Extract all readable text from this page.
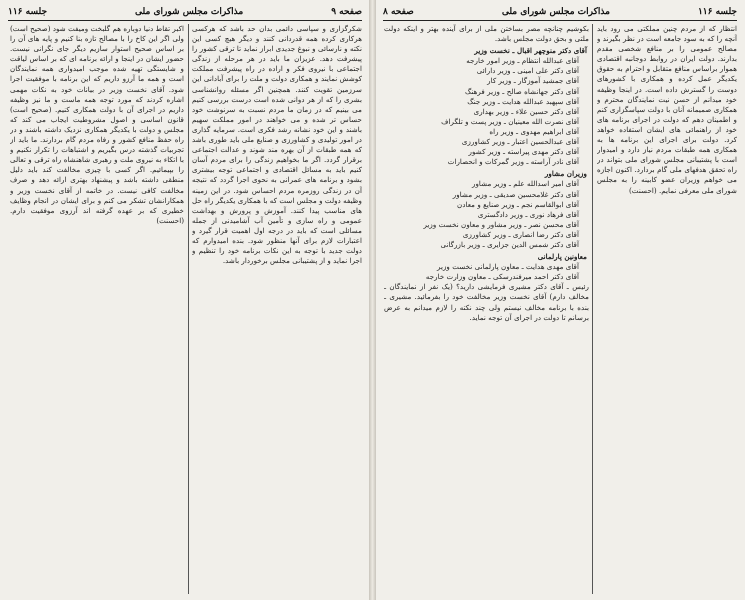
صفحه ۹
مذاکرات مجلس شورای ملی
جلسه ۱۱۶

شکرگزاری و سپاسی دائمی بدان حد باشد که هرکسی هرکاری کرده همه قدردانی کنند و دیگر هیچ کسی این نکته و نارسائی و نبوغ جدیدی ابراز نماید تا ترقی کشور را پیشرفت دهد. عزیزان ما باید در هر مرحله از زندگی اجتماعی با نیروی فکر و اراده در راه پیشرفت مملکت کوشش نمایند و همکاری دولت و ملت را برای آبادانی این سرزمین تقویت کنند. همچنین اگر مسئله روانشناسی بشری را که از هر دوانی شده است درست بررسی کنیم می بینیم که در زمان ما مردم نسبت به سرنوشت خود حساس تر شده و می خواهند در امور مملکت سهیم باشند و این خود نشانه رشد فکری است. سرمایه گذاری در امور تولیدی و کشاورزی و صنایع ملی باید طوری باشد که همه طبقات از آن بهره مند شوند و عدالت اجتماعی برقرار گردد. اگر ما بخواهیم زندگی را برای مردم آسان کنیم باید به مسائل اقتصادی و اجتماعی توجه بیشتری بشود و برنامه های عمرانی به نحوی اجرا گردد که نتیجه آن در زندگی روزمره مردم احساس شود. در این زمینه وظیفه دولت و مجلس است که با همکاری یکدیگر راه حل های مناسب پیدا کنند. آموزش و پرورش و بهداشت عمومی و راه سازی و تأمین آب آشامیدنی از جمله مسائلی است که باید در درجه اول اهمیت قرار گیرد و اعتبارات لازم برای آنها منظور شود. بنده امیدوارم که دولت جدید با توجه به این نکات برنامه خود را تنظیم و اجرا نماید و از پشتیبانی مجلس برخوردار باشد.

اکبر تقاط دنیا دوباره هم گلبخت ومیفت شود (صحیح است) ولی اگر این کاخ را با مصالح تازه بنا کنیم و پایه های آن را بر اساس صحیح استوار سازیم دیگر جای نگرانی نیست. حضور ایشان در اینجا و ارائه برنامه ای که بر اساس لیاقت و شایستگی تهیه شده موجب امیدواری همه نمایندگان است و همه ما آرزو داریم که این برنامه با موفقیت اجرا شود. آقای نخست وزیر در بیانات خود به نکات مهمی اشاره کردند که مورد توجه همه ماست و ما نیز وظیفه داریم در اجرای آن با دولت همکاری کنیم. (صحیح است) قانون اساسی و اصول مشروطیت ایجاب می کند که مجلس و دولت با یکدیگر همکاری نزدیک داشته باشند و در راه حفظ منافع کشور و رفاه مردم گام بردارند. ما باید از تجربیات گذشته درس بگیریم و اشتباهات را تکرار نکنیم و با اتکاء به نیروی ملت و رهبری شاهنشاه راه ترقی و تعالی را بپیمائیم. اگر کسی با چیزی مخالفت کند باید دلیل منطقی داشته باشد و پیشنهاد بهتری ارائه دهد و صرف مخالفت کافی نیست. در خاتمه از آقای نخست وزیر و همکارانشان تشکر می کنم و برای ایشان در انجام وظایف خطیری که بر عهده گرفته اند آرزوی موفقیت دارم. (احسنت)

جلسه ۱۱۶
مذاکرات مجلس شورای ملی
صفحه ۸

انتظار که از مردم چنین مملکتی می رود باید آنچه را که به سود جامعه است در نظر بگیرند و مصالح عمومی را بر منافع شخصی مقدم بدارند. دولت ایران در روابط دوجانبه اقتصادی هموار براساس منافع متقابل و احترام به حقوق یکدیگر عمل کرده و همکاری با کشورهای دوست را گسترش داده است. در اینجا وظیفه خود میدانم از حسن نیت نمایندگان محترم و همکاری صمیمانه آنان با دولت سپاسگزاری کنم و اطمینان دهم که دولت در اجرای برنامه های خود از راهنمائی های ایشان استفاده خواهد کرد. دولت برای اجرای این برنامه ها به همکاری همه طبقات مردم نیاز دارد و امیدوار است با پشتیبانی مجلس شورای ملی بتواند در راه تحقق هدفهای ملی گام بردارد. اکنون اجازه می خواهم وزیران عضو کابینه را به مجلس شورای ملی معرفی نمایم. (احسنت)

بکوشیم چنانچه مصر بساختن ملی از برای آینده بهتر و اینکه دولت ملتی و بحق دولت مجلس باشد.

آقای دکتر منوچهر اقبال ـ نخست وزیر
آقای عبدالله انتظام ـ وزیر امور خارجه
آقای دکتر علی امینی ـ وزیر دارائی
آقای جمشید آموزگار ـ وزیر کار
آقای دکتر جهانشاه صالح ـ وزیر فرهنگ
آقای سپهبد عبدالله هدایت ـ وزیر جنگ
آقای دکتر حسین علاء ـ وزیر بهداری
آقای نصرت الله معینیان ـ وزیر پست و تلگراف
آقای ابراهیم مهدوی ـ وزیر راه
آقای عبدالحسین اعتبار ـ وزیر کشاورزی
آقای دکتر مهدی پیراسته ـ وزیر کشور
آقای نادر آراسته ـ وزیر گمرکات و انحصارات
وزیران مشاور
آقای امیر اسدالله علم ـ وزیر مشاور
آقای دکتر غلامحسین صدیقی ـ وزیر مشاور
آقای ابوالقاسم نجم ـ وزیر صنایع و معادن
آقای فرهاد نوری ـ وزیر دادگستری
آقای محسن نصر ـ وزیر مشاور و معاون نخست وزیر
آقای دکتر رضا انصاری ـ وزیر کشاورزی
آقای دکتر شمس الدین جزایری ـ وزیر بازرگانی
معاونین پارلمانی
آقای مهدی هدایت ـ معاون پارلمانی نخست وزیر
آقای دکتر احمد میرفندرسکی ـ معاون وزارت خارجه

رئیس ـ آقای دکتر مشیری فرمایشی دارید؟ (یک نفر از نمایندگان ـ مخالف دارم) آقای نخست وزیر مخالفت خود را بفرمائید. مشیری ـ بنده با برنامه مخالف نیستم ولی چند نکته را لازم میدانم به عرض برسانم تا دولت در اجرای آن توجه نماید.
